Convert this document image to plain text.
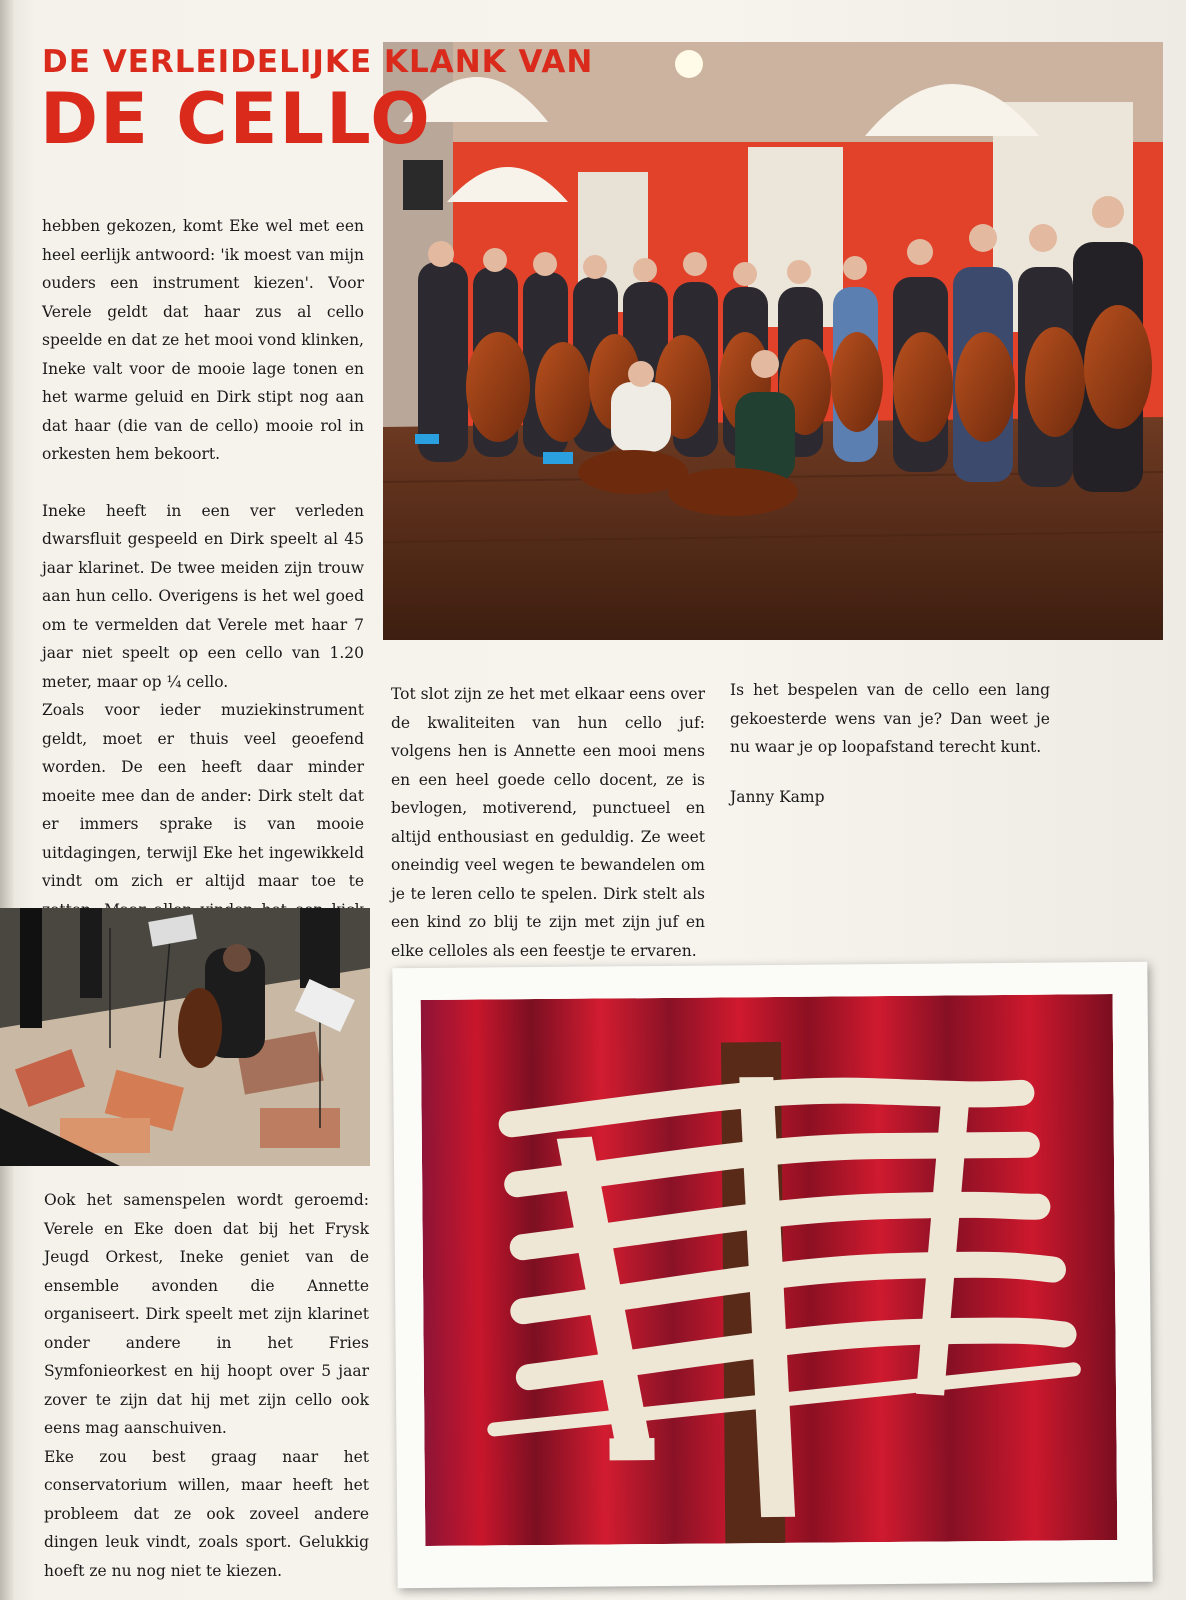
DE VERLEIDELIJKE KLANK VAN
DE CELLO

hebben gekozen, komt Eke wel met een heel eerlijk antwoord: 'ik moest van mijn ouders een instrument kiezen'. Voor Verele geldt dat haar zus al cello speelde en dat ze het mooi vond klinken, Ineke valt voor de mooie lage tonen en het warme geluid en Dirk stipt nog aan dat haar (die van de cello) mooie rol in orkesten hem bekoort.

Ineke heeft in een ver verleden dwarsfluit gespeeld en Dirk speelt al 45 jaar klarinet. De twee meiden zijn trouw aan hun cello. Overigens is het wel goed om te vermelden dat Verele met haar 7 jaar niet speelt op een cello van 1.20 meter, maar op ¼ cello.

Zoals voor ieder muziekinstrument geldt, moet er thuis veel geoefend worden. De een heeft daar minder moeite mee dan de ander: Dirk stelt dat er immers sprake is van mooie uitdagingen, terwijl Eke het ingewikkeld vindt om zich er altijd maar toe te

Ook het samenspelen wordt geroemd: Verele en Eke doen dat bij het Frysk Jeugd Orkest, Ineke geniet van de ensemble avonden die Annette organiseert. Dirk speelt met zijn klarinet onder andere in het Fries Symfonieorkest en hij hoopt over 5 jaar zover te zijn dat hij met zijn cello ook eens mag aanschuiven.

Eke zou best graag naar het conservatorium willen, maar heeft het probleem dat ze ook zoveel andere dingen leuk vindt, zoals sport. Gelukkig hoeft ze nu nog niet te kiezen.

Tot slot zijn ze het met elkaar eens over de kwaliteiten van hun cello juf: volgens hen is Annette een mooi mens en een heel goede cello docent, ze is bevlogen, motiverend, punctueel en altijd enthousiast en geduldig. Ze weet oneindig veel wegen te bewandelen om je te leren cello te spelen. Dirk stelt als een kind zo blij te zijn met zijn juf en elke celloles als een feestje te ervaren.

Is het bespelen van de cello een lang gekoesterde wens van je? Dan weet je nu waar je op loopafstand terecht kunt.

Janny Kamp
